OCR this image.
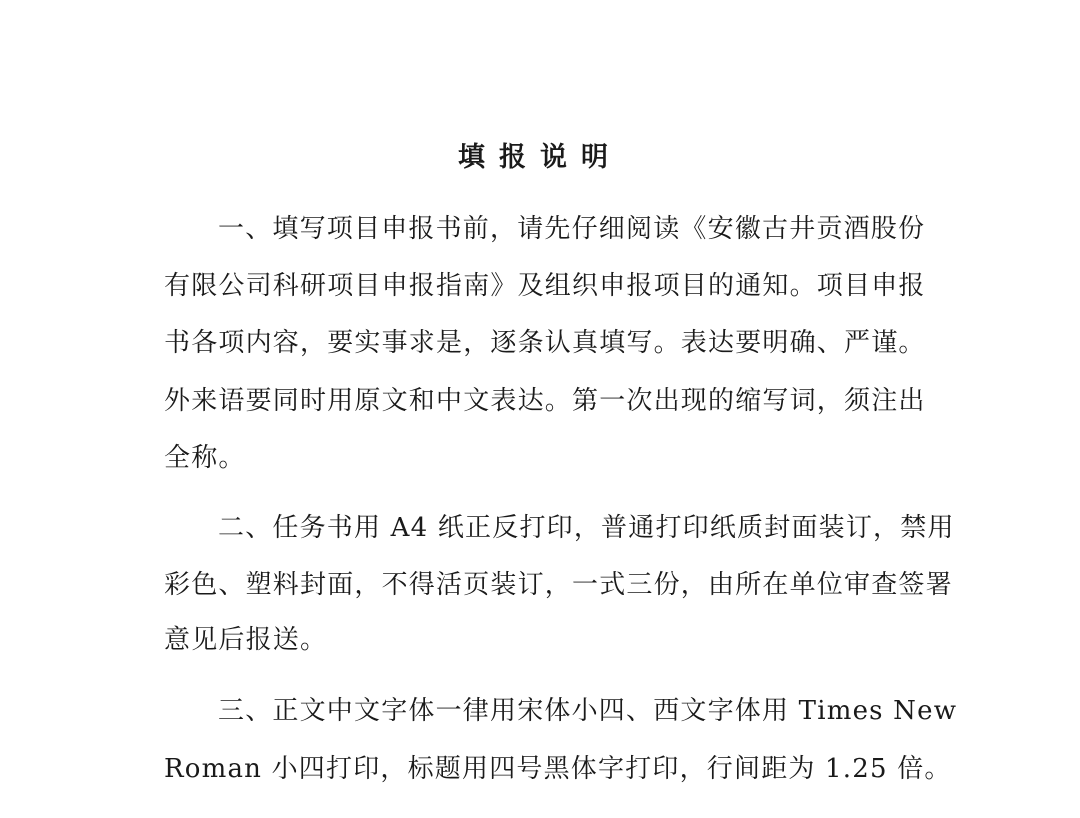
填报说明
一、填写项目申报书前，请先仔细阅读《安徽古井贡酒股份
有限公司科研项目申报指南》及组织申报项目的通知。项目申报
书各项内容，要实事求是，逐条认真填写。表达要明确、严谨。
外来语要同时用原文和中文表达。第一次出现的缩写词，须注出
全称。
二、任务书用 A4 纸正反打印，普通打印纸质封面装订，禁用
彩色、塑料封面，不得活页装订，一式三份，由所在单位审查签署
意见后报送。
三、正文中文字体一律用宋体小四、西文字体用 Times New
Roman 小四打印，标题用四号黑体字打印，行间距为 1.25 倍。
